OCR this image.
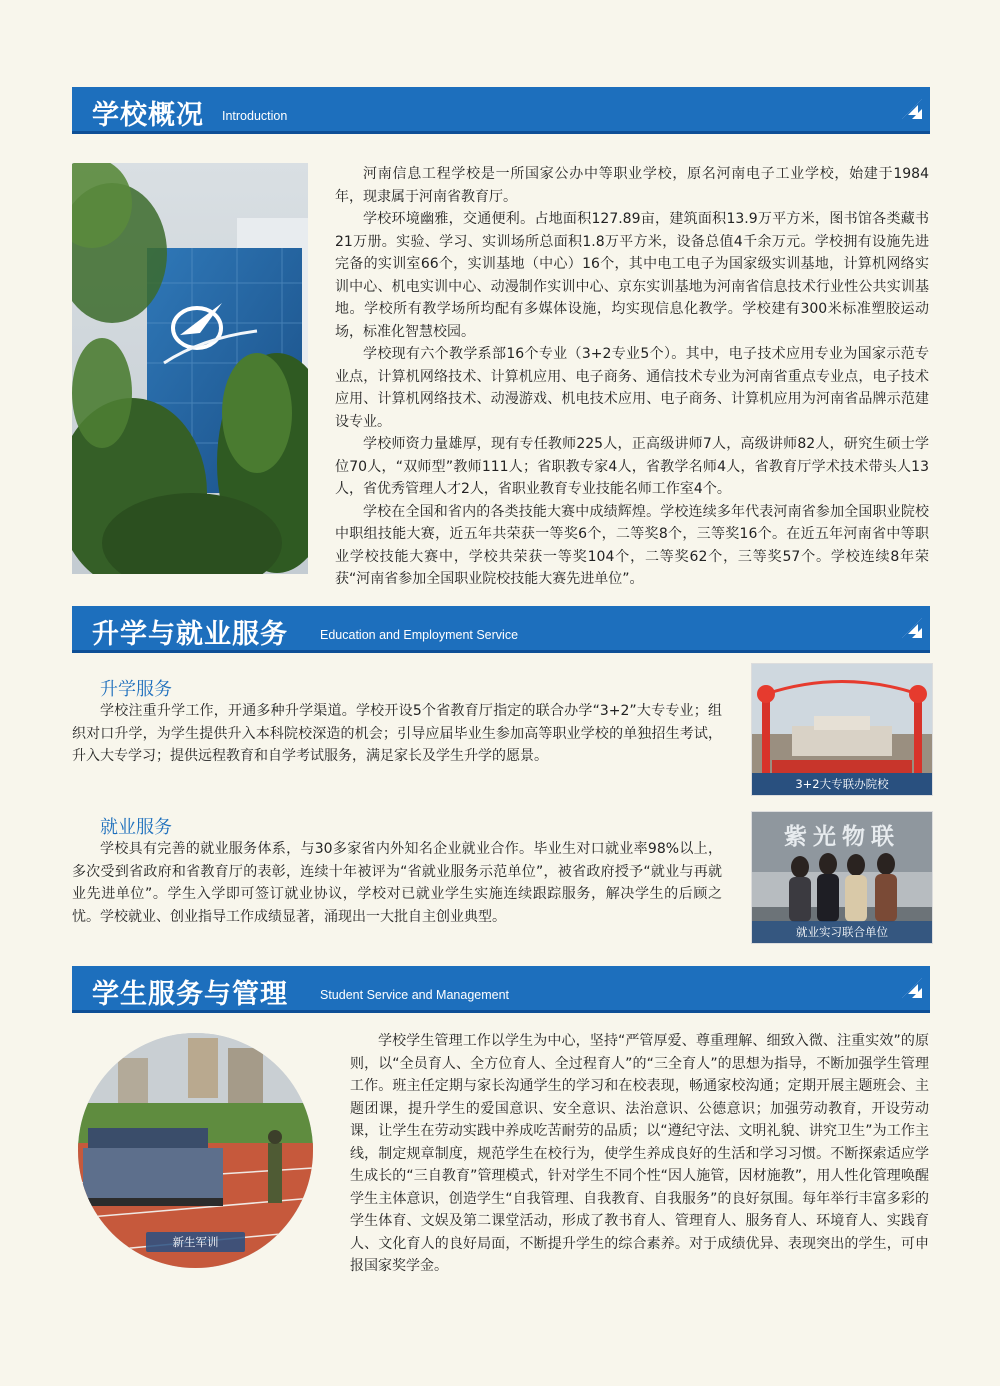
学校概况 Introduction

河南信息工程学校是一所国家公办中等职业学校，原名河南电子工业学校，始建于1984年，现隶属于河南省教育厅。

学校环境幽雅，交通便利。占地面积127.89亩，建筑面积13.9万平方米，图书馆各类藏书21万册。实验、学习、实训场所总面积1.8万平方米，设备总值4千余万元。学校拥有设施先进完备的实训室66个，实训基地（中心）16个，其中电工电子为国家级实训基地，计算机网络实训中心、机电实训中心、动漫制作实训中心、京东实训基地为河南省信息技术行业性公共实训基地。学校所有教学场所均配有多媒体设施，均实现信息化教学。学校建有300米标准塑胶运动场，标准化智慧校园。

学校现有六个教学系部16个专业（3+2专业5个）。其中，电子技术应用专业为国家示范专业点，计算机网络技术、计算机应用、电子商务、通信技术专业为河南省重点专业点，电子技术应用、计算机网络技术、动漫游戏、机电技术应用、电子商务、计算机应用为河南省品牌示范建设专业。

学校师资力量雄厚，现有专任教师225人，正高级讲师7人，高级讲师82人，研究生硕士学位70人，“双师型”教师111人；省职教专家4人，省教学名师4人，省教育厅学术技术带头人13人，省优秀管理人才2人，省职业教育专业技能名师工作室4个。

学校在全国和省内的各类技能大赛中成绩辉煌。学校连续多年代表河南省参加全国职业院校中职组技能大赛，近五年共荣获一等奖6个，二等奖8个，三等奖16个。在近五年河南省中等职业学校技能大赛中，学校共荣获一等奖104个，二等奖62个，三等奖57个。学校连续8年荣获“河南省参加全国职业院校技能大赛先进单位”。

升学与就业服务	Education and Employment Service
升学服务

学校注重升学工作，开通多种升学渠道。学校开设5个省教育厅指定的联合办学“3+2”大专专业；组织对口升学，为学生提供升入本科院校深造的机会；引导应届毕业生参加高等职业学校的单独招生考试，升入大专学习；提供远程教育和自学考试服务，满足家长及学生升学的愿景。

就业服务

学校具有完善的就业服务体系，与30多家省内外知名企业就业合作。毕业生对口就业率98%以上，多次受到省政府和省教育厅的表彰，连续十年被评为“省就业服务示范单位”，被省政府授予“就业与再就业先进单位”。学生入学即可签订就业协议，学校对已就业学生实施连续跟踪服务，解决学生的后顾之忧。学校就业、创业指导工作成绩显著，涌现出一大批自主创业典型。

3+2大专联办院校
紫光物联
就业实习联合单位
学生服务与管理	Student Service and Management
新生军训

学校学生管理工作以学生为中心，坚持“严管厚爱、尊重理解、细致入微、注重实效”的原则，以“全员育人、全方位育人、全过程育人”的“三全育人”的思想为指导，不断加强学生管理工作。班主任定期与家长沟通学生的学习和在校表现，畅通家校沟通；定期开展主题班会、主题团课，提升学生的爱国意识、安全意识、法治意识、公德意识；加强劳动教育，开设劳动课，让学生在劳动实践中养成吃苦耐劳的品质；以“遵纪守法、文明礼貌、讲究卫生”为工作主线，制定规章制度，规范学生在校行为，使学生养成良好的生活和学习习惯。不断探索适应学生成长的“三自教育”管理模式，针对学生不同个性“因人施管，因材施教”，用人性化管理唤醒学生主体意识，创造学生“自我管理、自我教育、自我服务”的良好氛围。每年举行丰富多彩的学生体育、文娱及第二课堂活动，形成了教书育人、管理育人、服务育人、环境育人、实践育人、文化育人的良好局面，不断提升学生的综合素养。对于成绩优异、表现突出的学生，可申报国家奖学金。
